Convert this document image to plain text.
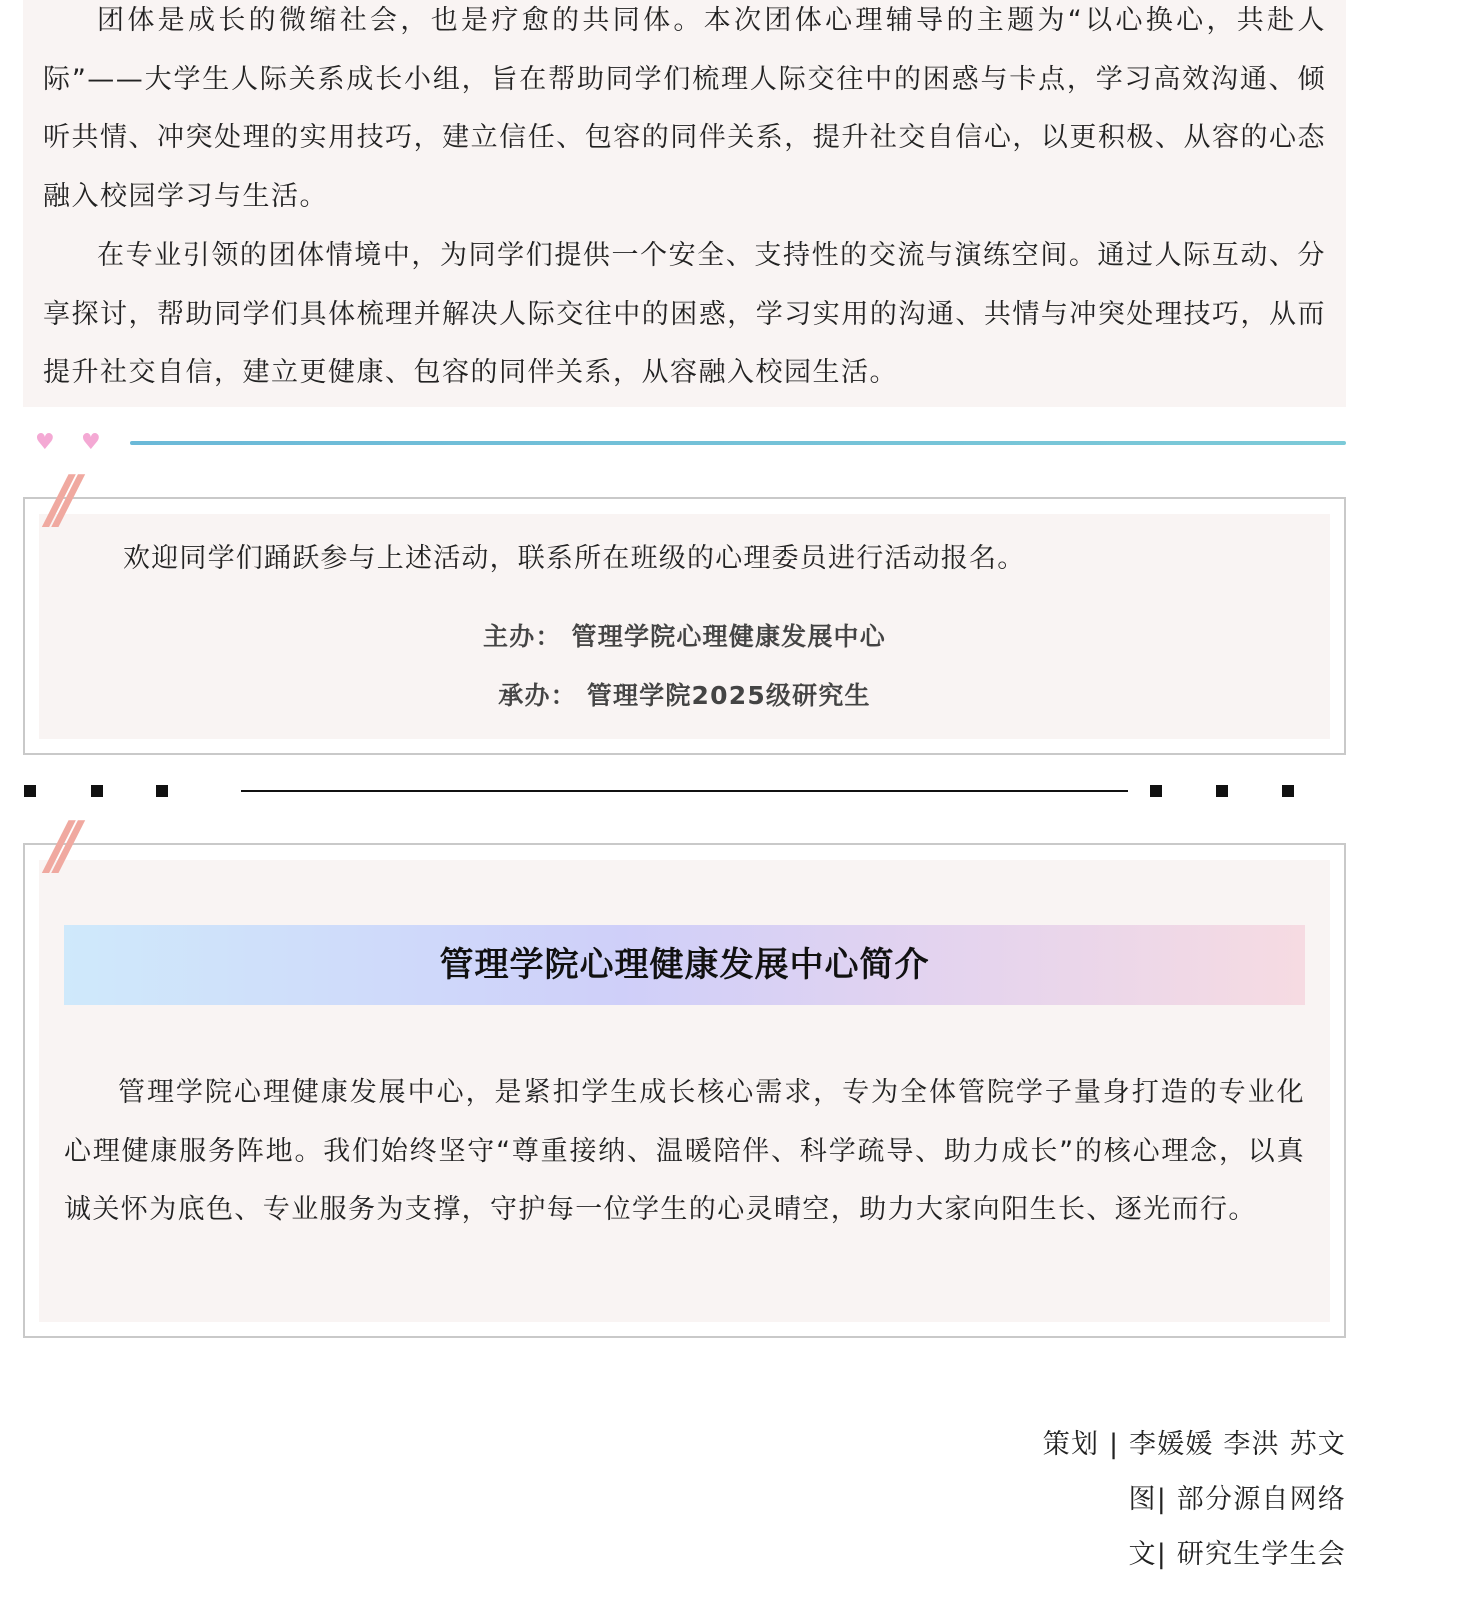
团体是成长的微缩社会，也是疗愈的共同体。本次团体心理辅导的主题为“以心换心，共赴人际”——大学生人际关系成长小组，旨在帮助同学们梳理人际交往中的困惑与卡点，学习高效沟通、倾听共情、冲突处理的实用技巧，建立信任、包容的同伴关系，提升社交自信心，以更积极、从容的心态融入校园学习与生活。

在专业引领的团体情境中，为同学们提供一个安全、支持性的交流与演练空间。通过人际互动、分享探讨，帮助同学们具体梳理并解决人际交往中的困惑，学习实用的沟通、共情与冲突处理技巧，从而提升社交自信，建立更健康、包容的同伴关系，从容融入校园生活。

♥ ♥
欢迎同学们踊跃参与上述活动，联系所在班级的心理委员进行活动报名。
主办： 管理学院心理健康发展中心
承办： 管理学院2025级研究生
//
管理学院心理健康发展中心简介

管理学院心理健康发展中心，是紧扣学生成长核心需求，专为全体管院学子量身打造的专业化心理健康服务阵地。我们始终坚守“尊重接纳、温暖陪伴、科学疏导、助力成长”的核心理念，以真诚关怀为底色、专业服务为支撑，守护每一位学生的心灵晴空，助力大家向阳生长、逐光而行。

//
策划 | 李媛媛 李洪 苏文
图| 部分源自网络
文| 研究生学生会
